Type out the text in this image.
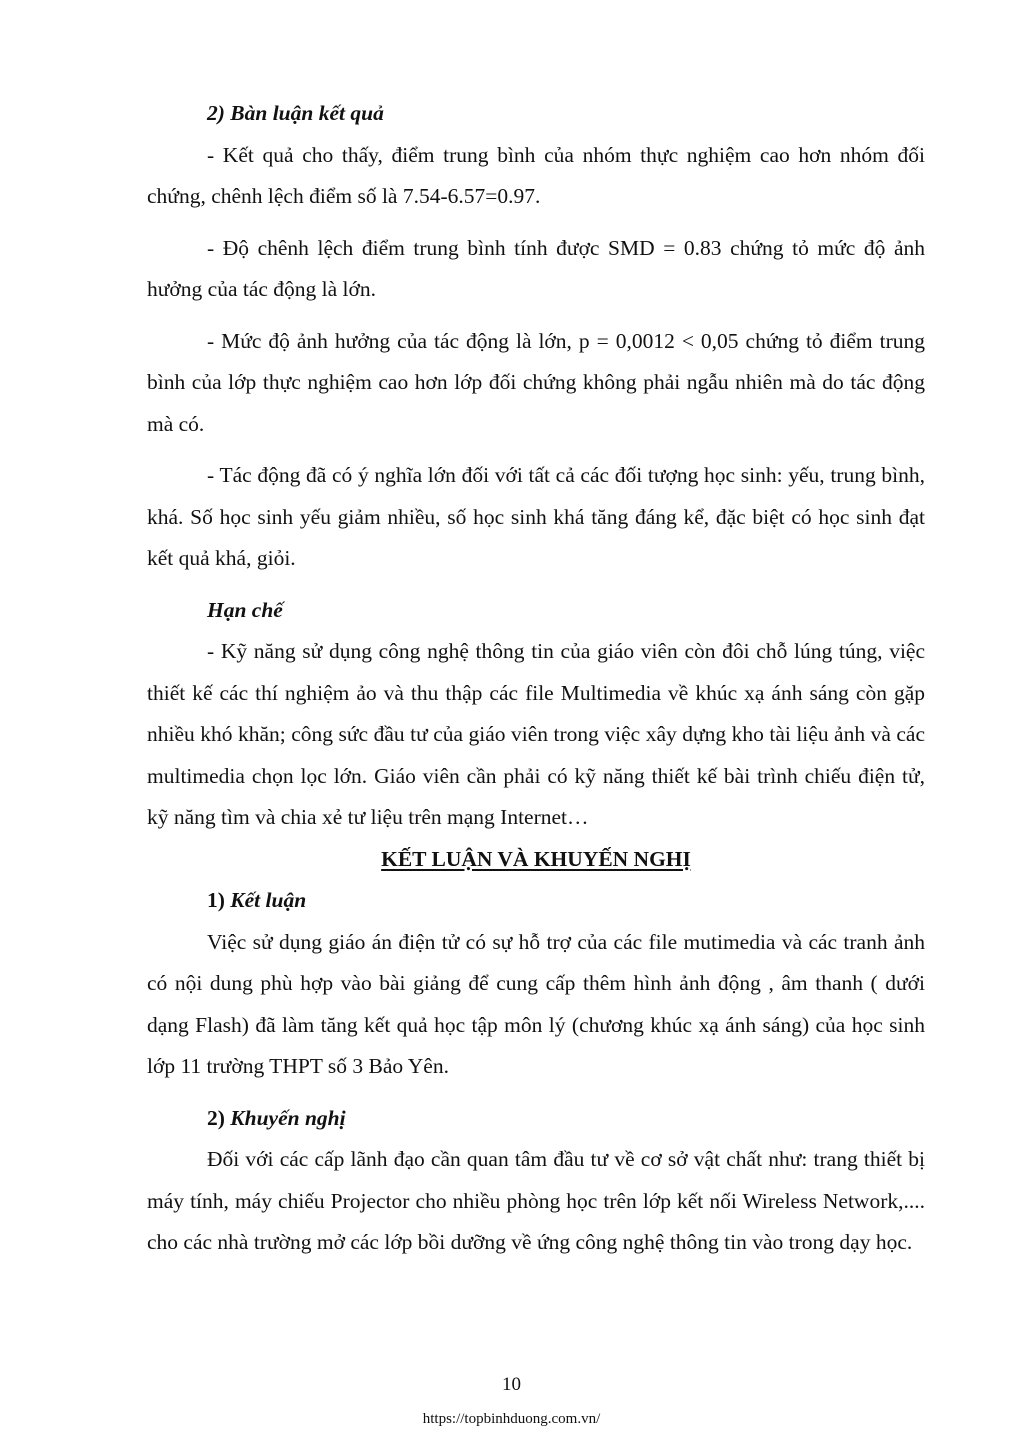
2) Bàn luận kết quả

- Kết quả cho thấy, điểm trung bình của nhóm thực nghiệm cao hơn nhóm đối chứng, chênh lệch điểm số là 7.54-6.57=0.97.

- Độ chênh lệch điểm trung bình tính được SMD = 0.83 chứng tỏ mức độ ảnh hưởng của tác động là lớn.

- Mức độ ảnh hưởng của tác động là lớn, p = 0,0012 < 0,05 chứng tỏ điểm trung bình của lớp thực nghiệm cao hơn lớp đối chứng không phải ngẫu nhiên mà do tác động mà có.

- Tác động đã có ý nghĩa lớn đối với tất cả các đối tượng học sinh: yếu, trung bình, khá. Số học sinh yếu giảm nhiều, số học sinh khá tăng đáng kể, đặc biệt có học sinh đạt kết quả khá, giỏi.

Hạn chế

- Kỹ năng sử dụng công nghệ thông tin của giáo viên còn đôi chỗ lúng túng, việc thiết kế các thí nghiệm ảo và thu thập các file Multimedia về khúc xạ ánh sáng còn gặp nhiều khó khăn; công sức đầu tư của giáo viên trong việc xây dựng kho tài liệu ảnh và các multimedia chọn lọc lớn. Giáo viên cần phải có kỹ năng thiết kế bài trình chiếu điện tử, kỹ năng tìm và chia xẻ tư liệu trên mạng Internet…

KẾT LUẬN VÀ KHUYẾN NGHỊ

1) Kết luận

Việc sử dụng giáo án điện tử có sự hỗ trợ của các file mutimedia và các tranh ảnh có nội dung phù hợp vào bài giảng để cung cấp thêm hình ảnh động , âm thanh ( dưới dạng Flash) đã làm tăng kết quả học tập môn lý (chương khúc xạ ánh sáng) của học sinh lớp 11 trường THPT số 3 Bảo Yên.

2) Khuyến nghị

Đối với các cấp lãnh đạo cần quan tâm đầu tư về cơ sở vật chất như: trang thiết bị máy tính, máy chiếu Projector cho nhiều phòng học trên lớp kết nối Wireless Network,.... cho các nhà trường mở các lớp bồi dưỡng về ứng công nghệ thông tin vào trong dạy học.

10
https://topbinhduong.com.vn/
